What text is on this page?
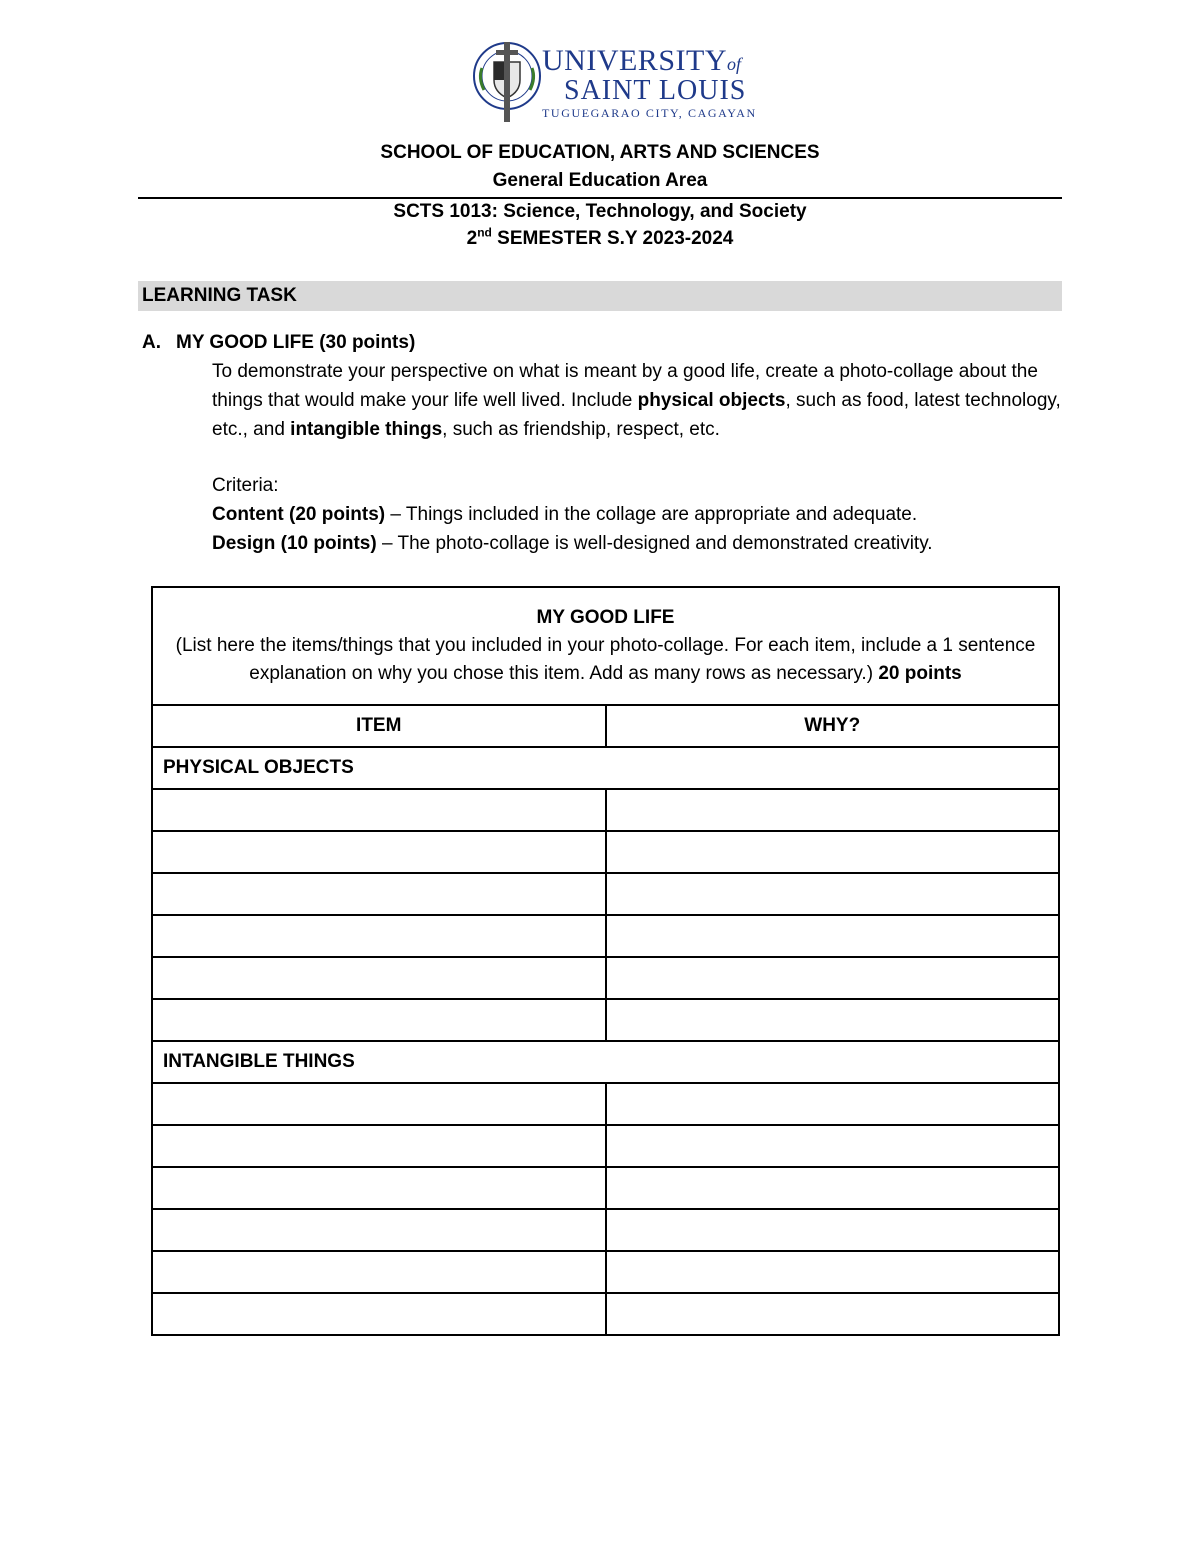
UNIVERSITYof
SAINT LOUIS
TUGUEGARAO CITY, CAGAYAN
SCHOOL OF EDUCATION, ARTS AND SCIENCES
General Education Area
SCTS 1013: Science, Technology, and Society
2nd SEMESTER S.Y 2023-2024
LEARNING TASK
A. MY GOOD LIFE (30 points)
To demonstrate your perspective on what is meant by a good life, create a photo-collage about the things that would make your life well lived. Include physical objects, such as food, latest technology, etc., and intangible things, such as friendship, respect, etc.
Criteria:
Content (20 points) – Things included in the collage are appropriate and adequate.
Design (10 points) – The photo-collage is well-designed and demonstrated creativity.
MY GOOD LIFE
(List here the items/things that you included in your photo-collage. For each item, include a 1 sentence explanation on why you chose this item. Add as many rows as necessary.) 20 points	
ITEM	WHY?
PHYSICAL OBJECTS	

INTANGIBLE THINGS	
